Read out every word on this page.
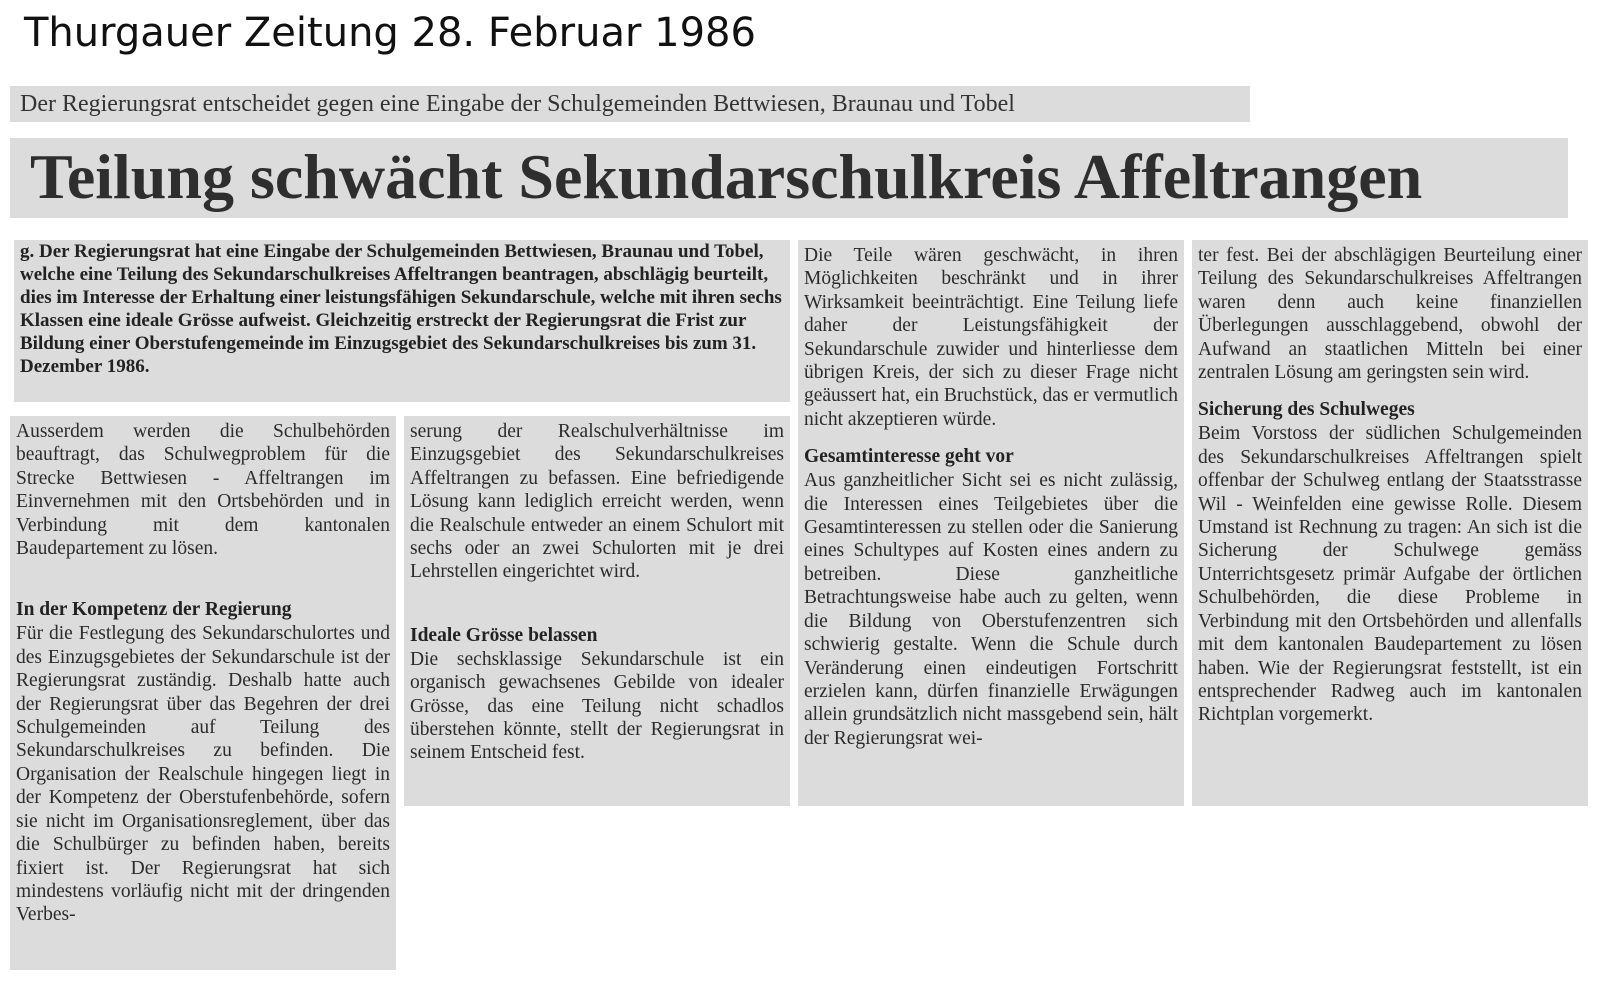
Thurgauer Zeitung 28. Februar 1986
Der Regierungsrat entscheidet gegen eine Eingabe der Schulgemeinden Bettwiesen, Braunau und Tobel
Teilung schwächt Sekundarschulkreis Affeltrangen
g. Der Regierungsrat hat eine Eingabe der Schulgemeinden Bettwiesen, Braunau und Tobel, welche eine Teilung des Sekundarschulkreises Affeltrangen beantragen, abschlägig beurteilt, dies im Interesse der Erhaltung einer leistungsfähigen Sekundarschule, welche mit ihren sechs Klassen eine ideale Grösse aufweist. Gleichzeitig erstreckt der Regierungsrat die Frist zur Bildung einer Oberstufengemeinde im Einzugsgebiet des Sekundarschulkreises bis zum 31. Dezember 1986.

Ausserdem werden die Schulbehörden beauftragt, das Schulwegproblem für die Strecke Bettwiesen - Affeltrangen im Einvernehmen mit den Ortsbehörden und in Verbindung mit dem kantonalen Baudepartement zu lösen.

In der Kompetenz der Regierung

Für die Festlegung des Sekundarschulortes und des Einzugsgebietes der Sekundarschule ist der Regierungsrat zuständig. Deshalb hatte auch der Regierungsrat über das Begehren der drei Schulgemeinden auf Teilung des Sekundarschulkreises zu befinden. Die Organisation der Realschule hingegen liegt in der Kompetenz der Oberstufenbehörde, sofern sie nicht im Organisationsreglement, über das die Schulbürger zu befinden haben, bereits fixiert ist. Der Regierungsrat hat sich mindestens vorläufig nicht mit der dringenden Verbes-

serung der Realschulverhältnisse im Einzugsgebiet des Sekundarschulkreises Affeltrangen zu befassen. Eine befriedigende Lösung kann lediglich erreicht werden, wenn die Realschule entweder an einem Schulort mit sechs oder an zwei Schulorten mit je drei Lehrstellen eingerichtet wird.

Ideale Grösse belassen

Die sechsklassige Sekundarschule ist ein organisch gewachsenes Gebilde von idealer Grösse, das eine Teilung nicht schadlos überstehen könnte, stellt der Regierungsrat in seinem Entscheid fest.

Die Teile wären geschwächt, in ihren Möglichkeiten beschränkt und in ihrer Wirksamkeit beeinträchtigt. Eine Teilung liefe daher der Leistungsfähigkeit der Sekundarschule zuwider und hinterliesse dem übrigen Kreis, der sich zu dieser Frage nicht geäussert hat, ein Bruchstück, das er vermutlich nicht akzeptieren würde.

Gesamtinteresse geht vor

Aus ganzheitlicher Sicht sei es nicht zulässig, die Interessen eines Teilgebietes über die Gesamtinteressen zu stellen oder die Sanierung eines Schultypes auf Kosten eines andern zu betreiben. Diese ganzheitliche Betrachtungsweise habe auch zu gelten, wenn die Bildung von Oberstufenzentren sich schwierig gestalte. Wenn die Schule durch Veränderung einen eindeutigen Fortschritt erzielen kann, dürfen finanzielle Erwägungen allein grundsätzlich nicht massgebend sein, hält der Regierungsrat wei-

ter fest. Bei der abschlägigen Beurteilung einer Teilung des Sekundarschulkreises Affeltrangen waren denn auch keine finanziellen Überlegungen ausschlaggebend, obwohl der Aufwand an staatlichen Mitteln bei einer zentralen Lösung am geringsten sein wird.

Sicherung des Schulweges

Beim Vorstoss der südlichen Schulgemeinden des Sekundarschulkreises Affeltrangen spielt offenbar der Schulweg entlang der Staatsstrasse Wil - Weinfelden eine gewisse Rolle. Diesem Umstand ist Rechnung zu tragen: An sich ist die Sicherung der Schulwege gemäss Unterrichtsgesetz primär Aufgabe der örtlichen Schulbehörden, die diese Probleme in Verbindung mit den Ortsbehörden und allenfalls mit dem kantonalen Baudepartement zu lösen haben. Wie der Regierungsrat feststellt, ist ein entsprechender Radweg auch im kantonalen Richtplan vorgemerkt.
